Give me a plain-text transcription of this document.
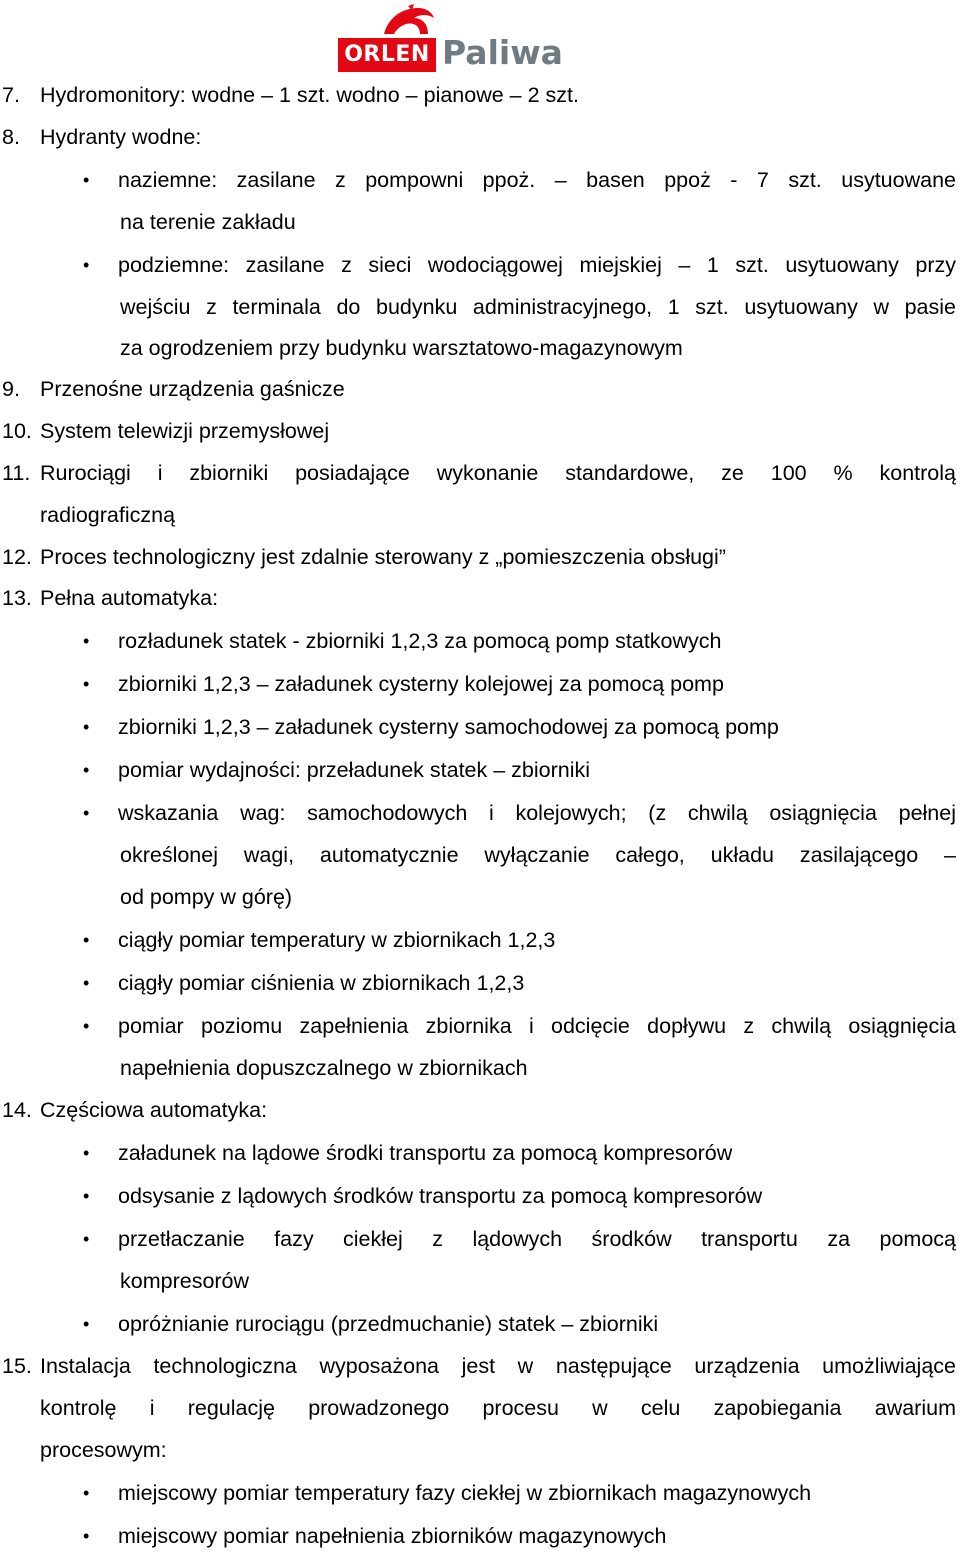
ORLEN Paliwa
7. Hydromonitory: wodne – 1 szt. wodno – pianowe – 2 szt.
8. Hydranty wodne:
• naziemne: zasilane z pompowni ppoż. – basen ppoż - 7 szt. usytuowane
na terenie zakładu
• podziemne: zasilane z sieci wodociągowej miejskiej – 1 szt. usytuowany przy
wejściu z terminala do budynku administracyjnego, 1 szt. usytuowany w pasie
za ogrodzeniem przy budynku warsztatowo-magazynowym
9. Przenośne urządzenia gaśnicze
10. System telewizji przemysłowej
11. Rurociągi i zbiorniki posiadające wykonanie standardowe, ze 100 % kontrolą
radiograficzną
12. Proces technologiczny jest zdalnie sterowany z „pomieszczenia obsługi”
13. Pełna automatyka:
• rozładunek statek - zbiorniki 1,2,3 za pomocą pomp statkowych
• zbiorniki 1,2,3 – załadunek cysterny kolejowej za pomocą pomp
• zbiorniki 1,2,3 – załadunek cysterny samochodowej za pomocą pomp
• pomiar wydajności: przeładunek statek – zbiorniki
• wskazania wag: samochodowych i kolejowych; (z chwilą osiągnięcia pełnej
określonej wagi, automatycznie wyłączanie całego, układu zasilającego –
od pompy w górę)
• ciągły pomiar temperatury w zbiornikach 1,2,3
• ciągły pomiar ciśnienia w zbiornikach 1,2,3
• pomiar poziomu zapełnienia zbiornika i odcięcie dopływu z chwilą osiągnięcia
napełnienia dopuszczalnego w zbiornikach
14. Częściowa automatyka:
• załadunek na lądowe środki transportu za pomocą kompresorów
• odsysanie z lądowych środków transportu za pomocą kompresorów
• przetłaczanie fazy ciekłej z lądowych środków transportu za pomocą
kompresorów
• opróżnianie rurociągu (przedmuchanie) statek – zbiorniki
15. Instalacja technologiczna wyposażona jest w następujące urządzenia umożliwiające
kontrolę i regulację prowadzonego procesu w celu zapobiegania awarium
procesowym:
• miejscowy pomiar temperatury fazy ciekłej w zbiornikach magazynowych
• miejscowy pomiar napełnienia zbiorników magazynowych
